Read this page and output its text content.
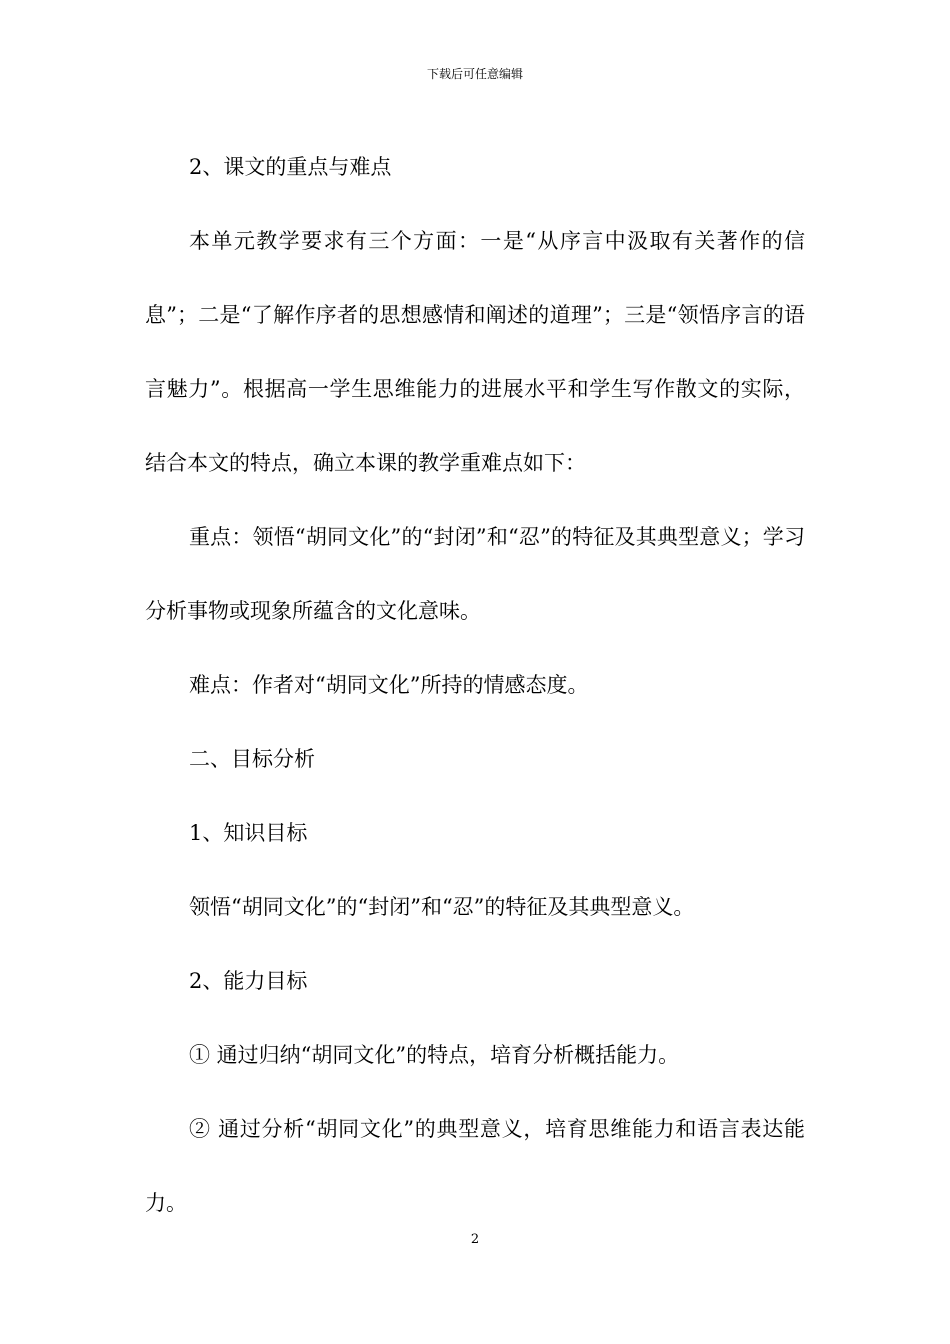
下载后可任意编辑

2、课文的重点与难点

本单元教学要求有三个方面：一是“从序言中汲取有关著作的信息”；二是“了解作序者的思想感情和阐述的道理”；三是“领悟序言的语言魅力”。根据高一学生思维能力的进展水平和学生写作散文的实际，结合本文的特点，确立本课的教学重难点如下：

重点：领悟“胡同文化”的“封闭”和“忍”的特征及其典型意义；学习分析事物或现象所蕴含的文化意味。

难点：作者对“胡同文化”所持的情感态度。

二、目标分析

1、知识目标

领悟“胡同文化”的“封闭”和“忍”的特征及其典型意义。

2、能力目标

① 通过归纳“胡同文化”的特点，培育分析概括能力。

② 通过分析“胡同文化”的典型意义，培育思维能力和语言表达能力。

2
